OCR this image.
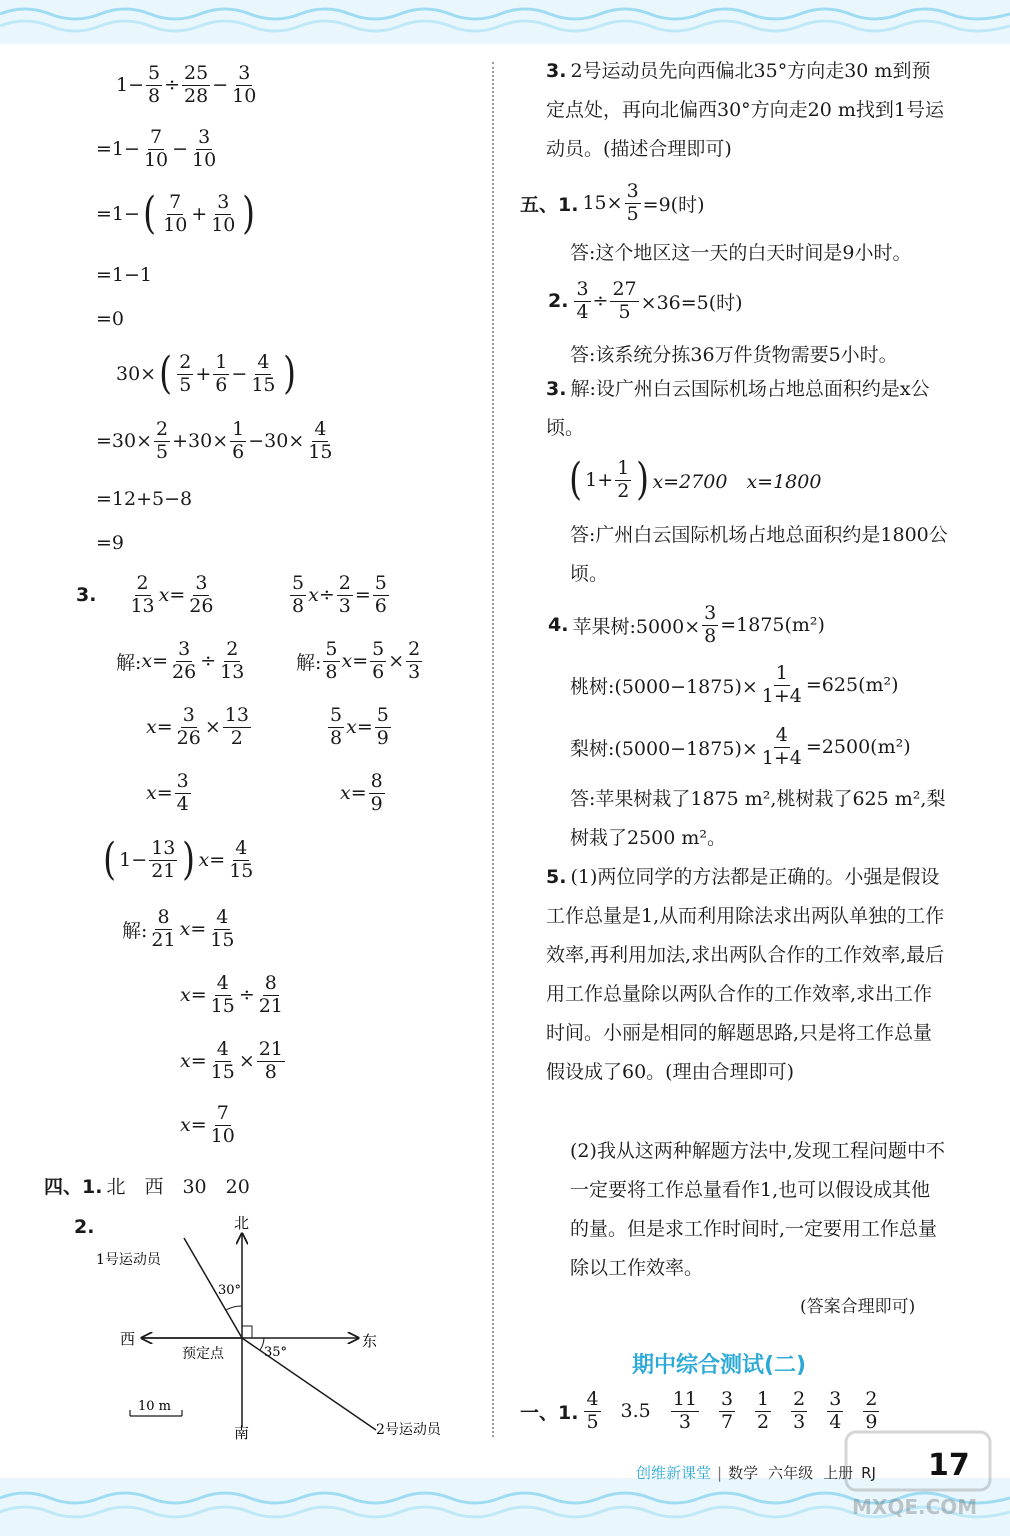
$1- \frac{5}{8} \div \frac{25}{28} - \frac{3}{10}$
$=1- \frac{7}{10} - \frac{3}{10}$
=1− ( $\frac{7}{10} + \frac{3}{10}$ )
=1−1
=0
30× ( $\frac{2}{5} + \frac{1}{6} - \frac{4}{15}$ )
$=30\times \frac{2}{5} +30\times \frac{1}{6} -30\times \frac{4}{15}$
=12+5−8
=9
3. $\frac{2}{13}$ $x = \frac{3}{26}$	$\frac{5}{8}$ $x \div \frac{2}{3} = \frac{5}{6}$
解: $x = \frac{3}{26} \div \frac{2}{13}$	解: $\frac{5}{8}$ $x = \frac{5}{6} \times \frac{2}{3}$
$x = \frac{3}{26} \times \frac{13}{2}$	$\frac{5}{8}$ $x = \frac{5}{9}$
$x = \frac{3}{4}$	$x = \frac{8}{9}$
( $1- \frac{13}{21}$ ) $x = \frac{4}{15}$
解: $\frac{8}{21}$ $x = \frac{4}{15}$
$x = \frac{4}{15} \div \frac{8}{21}$
$x = \frac{4}{15} \times \frac{21}{8}$
$x = \frac{7}{10}$
四、1. 北　西　30　20
2.	北
南
西	东
1号运动员
2号运动员
预定点
30°
35°
10 m
3. 2号运动员先向西偏北35°方向走30 m到预定点处，再向北偏西30°方向走20 m找到1号运动员。(描述合理即可)
五、1. $15\times \frac{3}{5} =9$(时)
答:这个地区这一天的白天时间是9小时。
2. $\frac{3}{4} \div \frac{27}{5} \times 36=5$(时)
答:该系统分拣36万件货物需要5小时。
3. 解:设广州白云国际机场占地总面积约是x公顷。
( $1+ \frac{1}{2}$ ) x=2700　x=1800
答:广州白云国际机场占地总面积约是1800公顷。
4. 苹果树:5000× $\frac{3}{8} =1875(m^2)$
桃树:(5000−1875)× $\frac{1}{1+4} =625(m^2)$
梨树:(5000−1875)× $\frac{4}{1+4} =2500(m^2)$
答:苹果树栽了1875 m²,桃树栽了625 m²,梨树栽了2500 m²。
5. (1)两位同学的方法都是正确的。小强是假设工作总量是1,从而利用除法求出两队单独的工作效率,再利用加法,求出两队合作的工作效率,最后用工作总量除以两队合作的工作效率,求出工作时间。小丽是相同的解题思路,只是将工作总量假设成了60。(理由合理即可)
(2)我从这两种解题方法中,发现工程问题中不一定要将工作总量看作1,也可以假设成其他的量。但是求工作时间时,一定要用工作总量除以工作效率。
(答案合理即可)
期中综合测试(二)
一、1. $\frac{4}{5} 3.5 \frac{11}{3} \frac{3}{7} \frac{1}{2} \frac{2}{3} \frac{3}{4} \frac{2}{9}$
创维新课堂 | 数学 六年级 上册 RJ 17
MXQE.COM
